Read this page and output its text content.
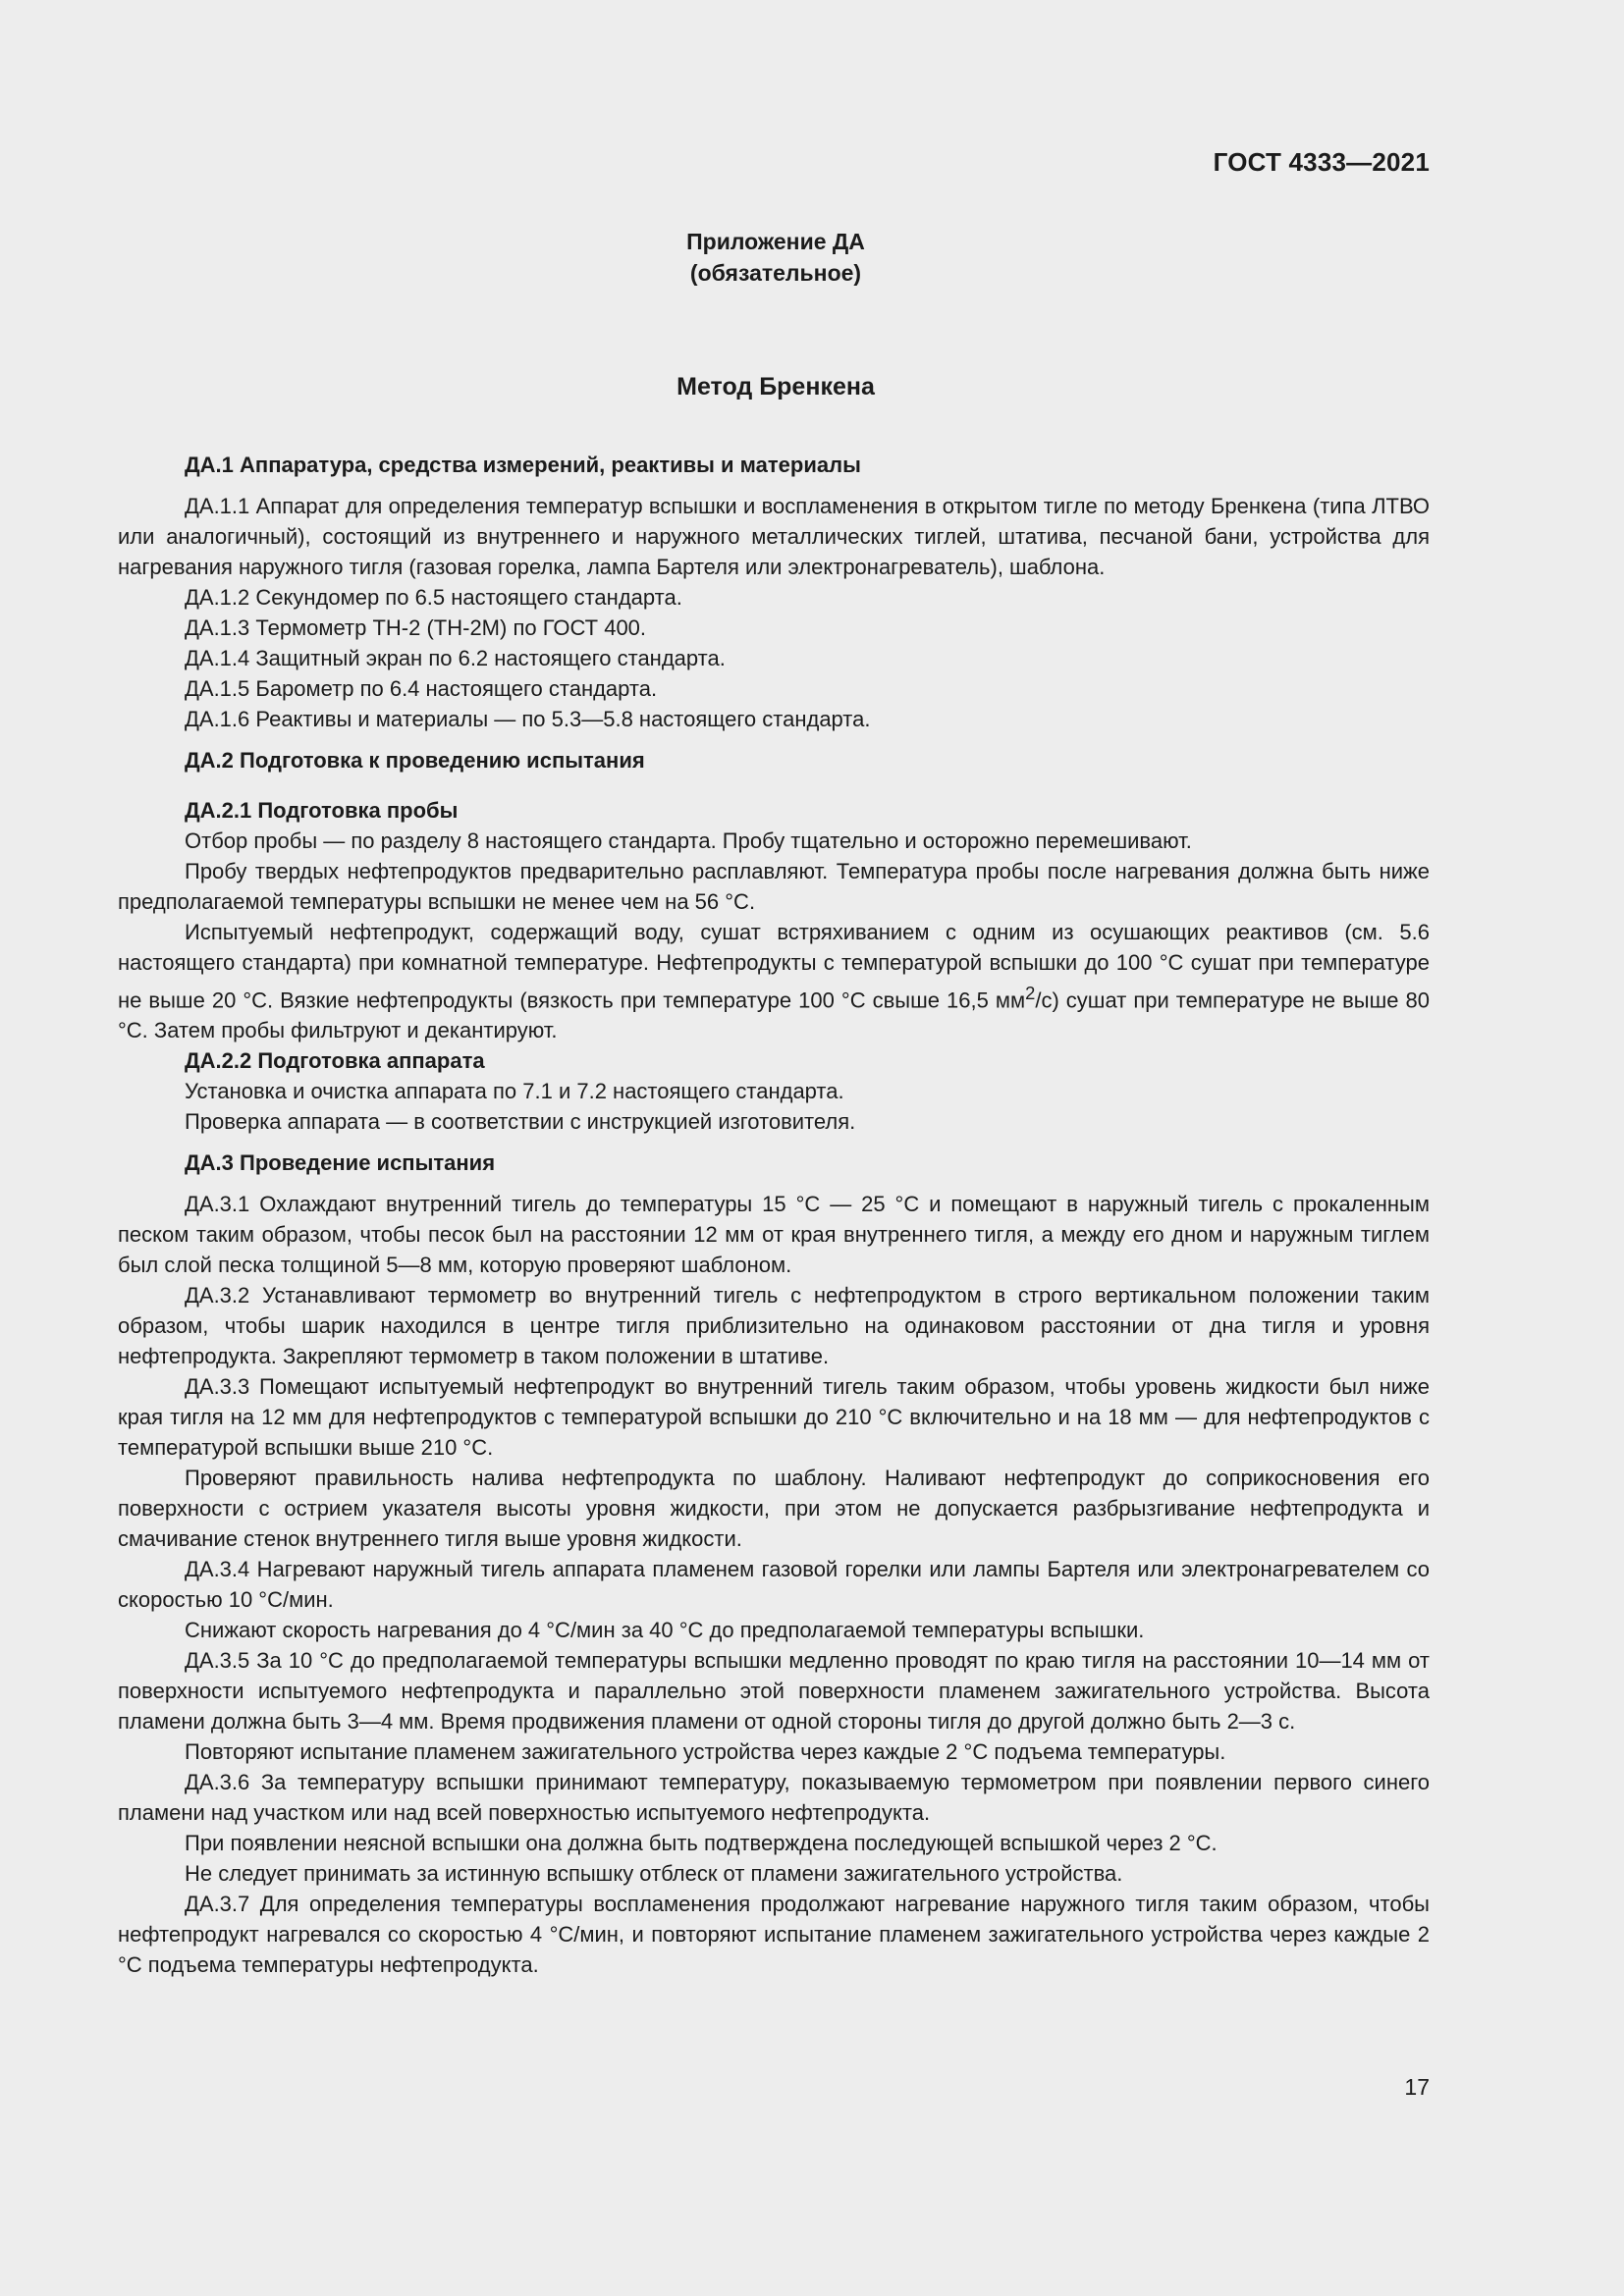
ГОСТ 4333—2021
Приложение ДА
(обязательное)
Метод Бренкена
ДА.1 Аппаратура, средства измерений, реактивы и материалы

ДА.1.1 Аппарат для определения температур вспышки и воспламенения в открытом тигле по методу Бренкена (типа ЛТВО или аналогичный), состоящий из внутреннего и наружного металлических тиглей, штатива, песчаной бани, устройства для нагревания наружного тигля (газовая горелка, лампа Бартеля или электронагреватель), шаблона.

ДА.1.2 Секундомер по 6.5 настоящего стандарта.

ДА.1.3 Термометр ТН-2 (ТН-2М) по ГОСТ 400.

ДА.1.4 Защитный экран по 6.2 настоящего стандарта.

ДА.1.5 Барометр по 6.4 настоящего стандарта.

ДА.1.6 Реактивы и материалы — по 5.3—5.8 настоящего стандарта.

ДА.2 Подготовка к проведению испытания
ДА.2.1 Подготовка пробы

Отбор пробы — по разделу 8 настоящего стандарта. Пробу тщательно и осторожно перемешивают.

Пробу твердых нефтепродуктов предварительно расплавляют. Температура пробы после нагревания должна быть ниже предполагаемой температуры вспышки не менее чем на 56 °C.

Испытуемый нефтепродукт, содержащий воду, сушат встряхиванием с одним из осушающих реактивов (см. 5.6 настоящего стандарта) при комнатной температуре. Нефтепродукты с температурой вспышки до 100 °C сушат при температуре не выше 20 °C. Вязкие нефтепродукты (вязкость при температуре 100 °C свыше 16,5 $мм^2/с$) сушат при температуре не выше 80 °C. Затем пробы фильтруют и декантируют.

ДА.2.2 Подготовка аппарата

Установка и очистка аппарата по 7.1 и 7.2 настоящего стандарта.

Проверка аппарата — в соответствии с инструкцией изготовителя.

ДА.3 Проведение испытания

ДА.3.1 Охлаждают внутренний тигель до температуры 15 °C — 25 °C и помещают в наружный тигель с прокаленным песком таким образом, чтобы песок был на расстоянии 12 мм от края внутреннего тигля, а между его дном и наружным тиглем был слой песка толщиной 5—8 мм, которую проверяют шаблоном.

ДА.3.2 Устанавливают термометр во внутренний тигель с нефтепродуктом в строго вертикальном положении таким образом, чтобы шарик находился в центре тигля приблизительно на одинаковом расстоянии от дна тигля и уровня нефтепродукта. Закрепляют термометр в таком положении в штативе.

ДА.3.3 Помещают испытуемый нефтепродукт во внутренний тигель таким образом, чтобы уровень жидкости был ниже края тигля на 12 мм для нефтепродуктов с температурой вспышки до 210 °C включительно и на 18 мм — для нефтепродуктов с температурой вспышки выше 210 °C.

Проверяют правильность налива нефтепродукта по шаблону. Наливают нефтепродукт до соприкосновения его поверхности с острием указателя высоты уровня жидкости, при этом не допускается разбрызгивание нефтепродукта и смачивание стенок внутреннего тигля выше уровня жидкости.

ДА.3.4 Нагревают наружный тигель аппарата пламенем газовой горелки или лампы Бартеля или электронагревателем со скоростью 10 °C/мин.

Снижают скорость нагревания до 4 °C/мин за 40 °C до предполагаемой температуры вспышки.

ДА.3.5 За 10 °C до предполагаемой температуры вспышки медленно проводят по краю тигля на расстоянии 10—14 мм от поверхности испытуемого нефтепродукта и параллельно этой поверхности пламенем зажигательного устройства. Высота пламени должна быть 3—4 мм. Время продвижения пламени от одной стороны тигля до другой должно быть 2—3 с.

Повторяют испытание пламенем зажигательного устройства через каждые 2 °C подъема температуры.

ДА.3.6 За температуру вспышки принимают температуру, показываемую термометром при появлении первого синего пламени над участком или над всей поверхностью испытуемого нефтепродукта.

При появлении неясной вспышки она должна быть подтверждена последующей вспышкой через 2 °C.

Не следует принимать за истинную вспышку отблеск от пламени зажигательного устройства.

ДА.3.7 Для определения температуры воспламенения продолжают нагревание наружного тигля таким образом, чтобы нефтепродукт нагревался со скоростью 4 °C/мин, и повторяют испытание пламенем зажигательного устройства через каждые 2 °C подъема температуры нефтепродукта.

17
